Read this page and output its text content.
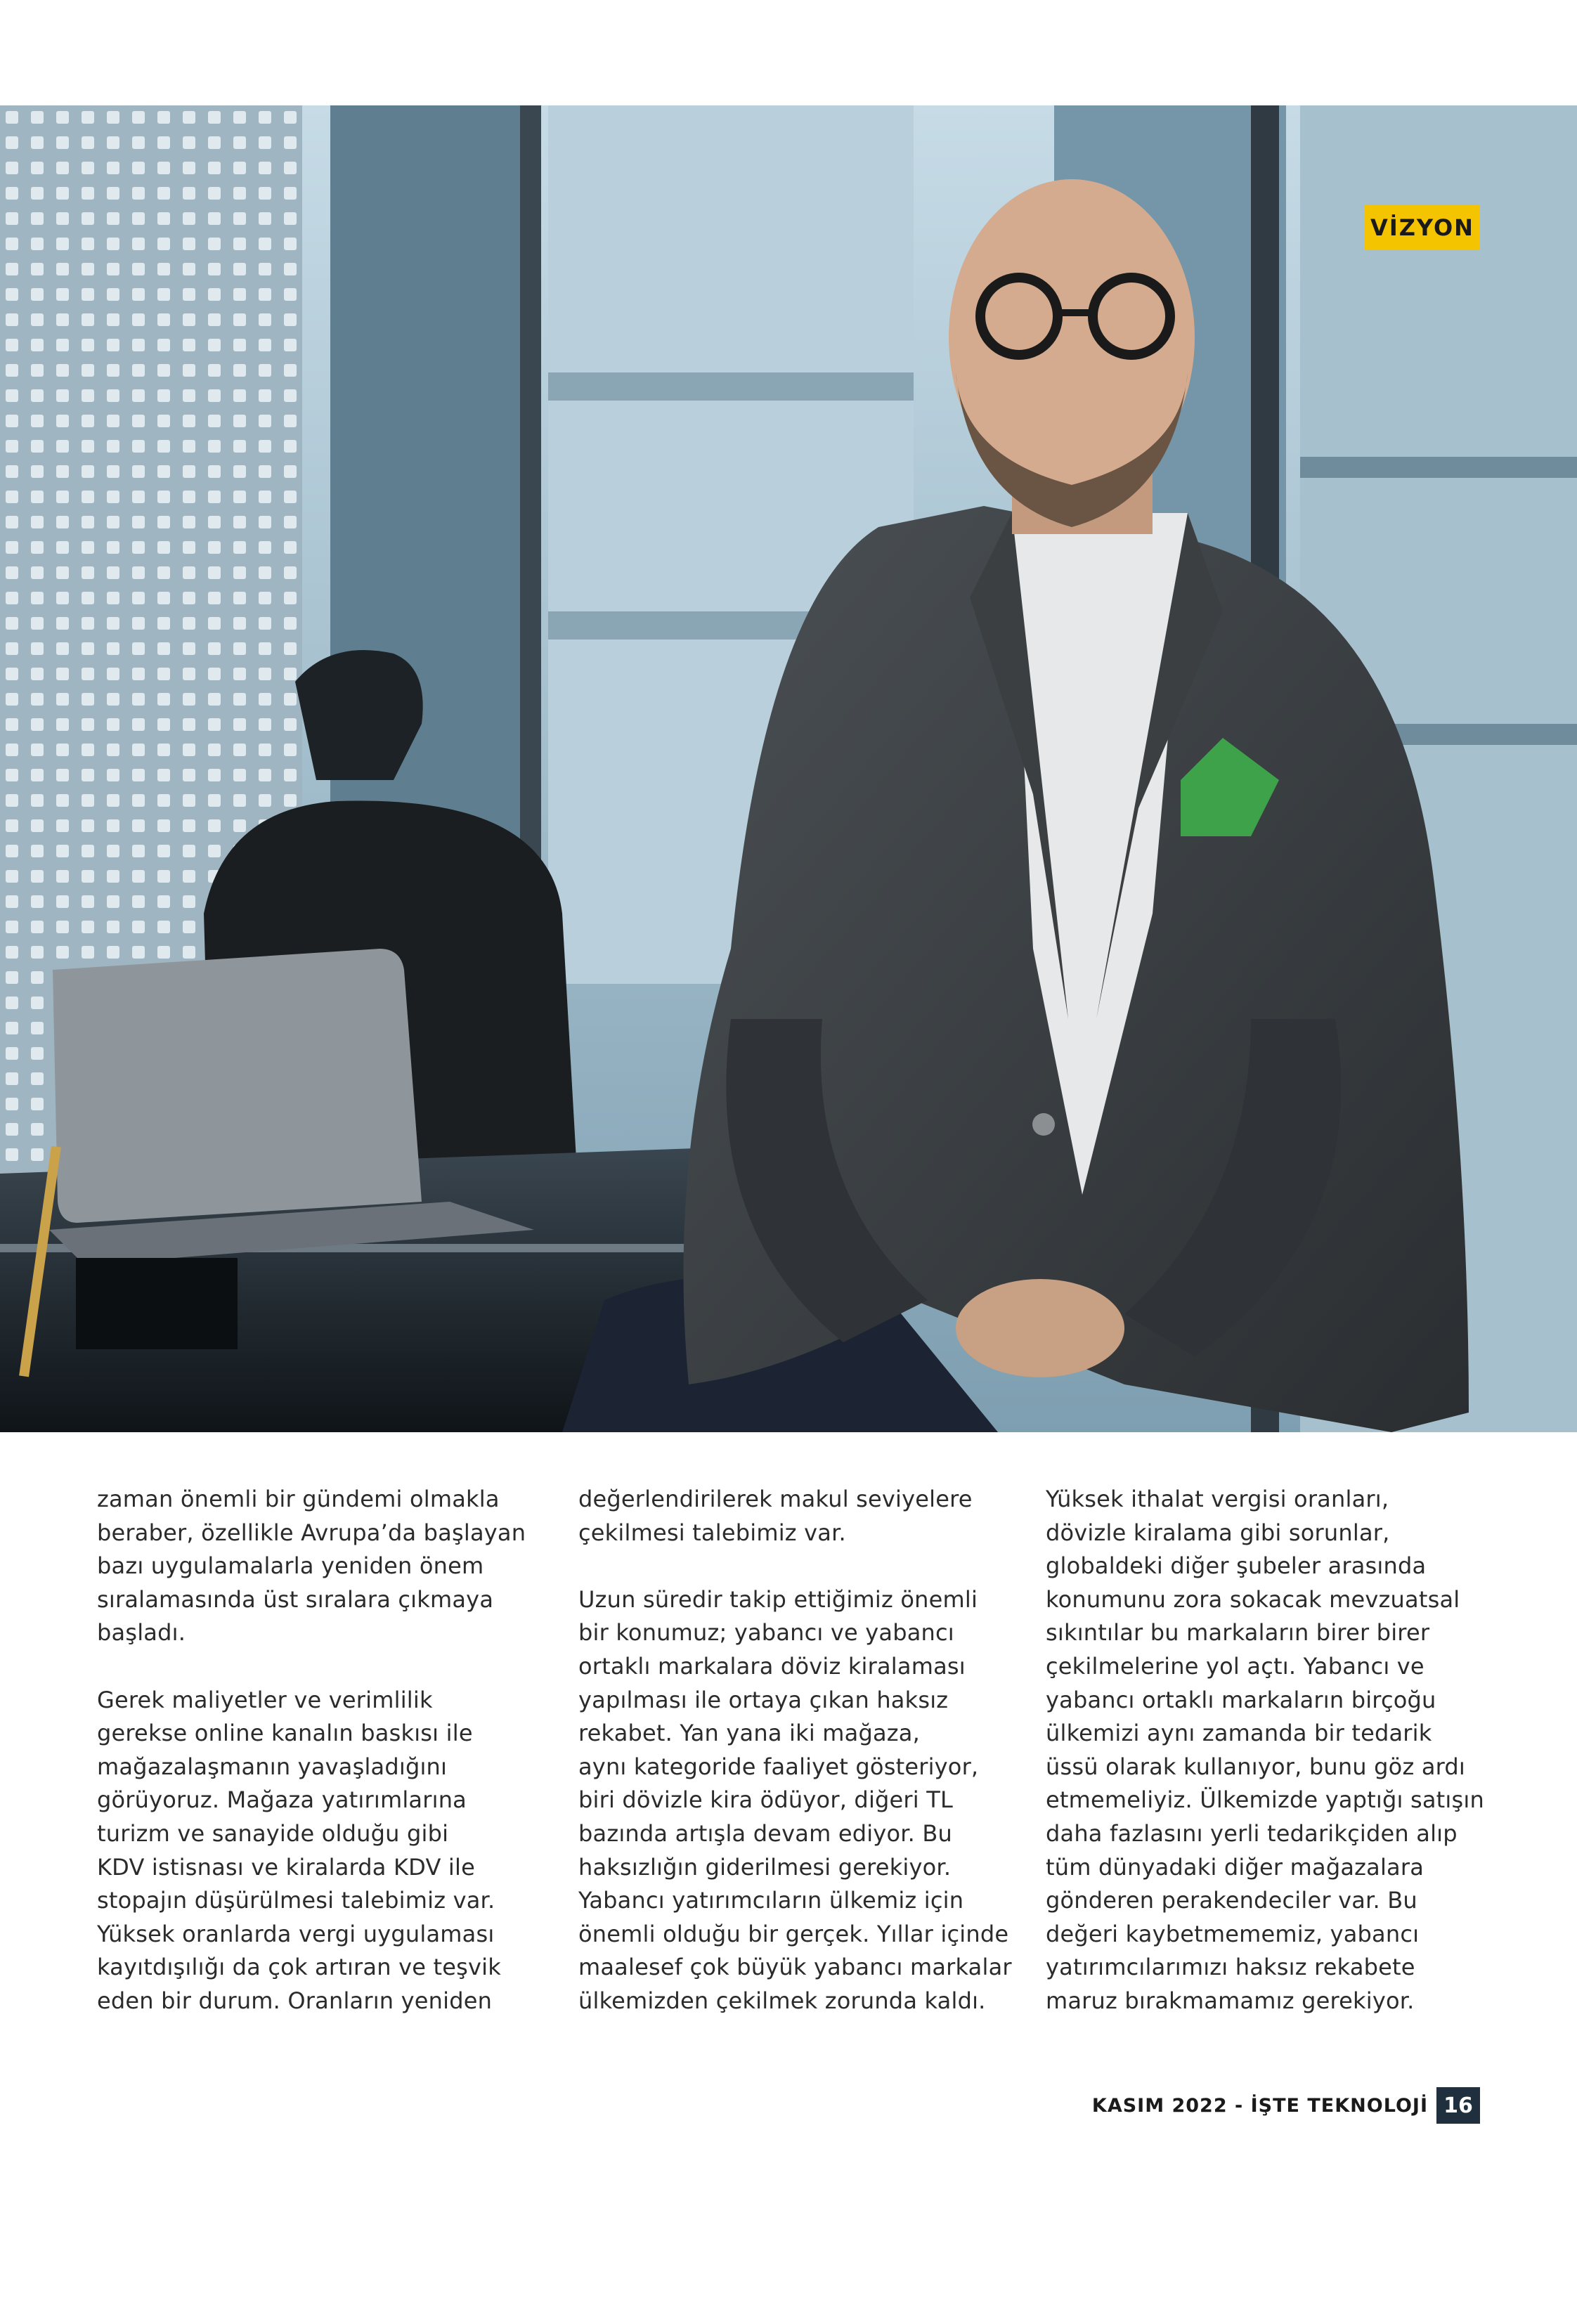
VİZYON

zaman önemli bir gündemi olmakla
beraber, özellikle Avrupa’da başlayan
bazı uygulamalarla yeniden önem
sıralamasında üst sıralara çıkmaya
başladı.

Gerek maliyetler ve verimlilik
gerekse online kanalın baskısı ile
mağazalaşmanın yavaşladığını
görüyoruz. Mağaza yatırımlarına
turizm ve sanayide olduğu gibi
KDV istisnası ve kiralarda KDV ile
stopajın düşürülmesi talebimiz var.
Yüksek oranlarda vergi uygulaması
kayıtdışılığı da çok artıran ve teşvik
eden bir durum. Oranların yeniden

değerlendirilerek makul seviyelere
çekilmesi talebimiz var.

Uzun süredir takip ettiğimiz önemli
bir konumuz; yabancı ve yabancı
ortaklı markalara döviz kiralaması
yapılması ile ortaya çıkan haksız
rekabet. Yan yana iki mağaza,
aynı kategoride faaliyet gösteriyor,
biri dövizle kira ödüyor, diğeri TL
bazında artışla devam ediyor. Bu
haksızlığın giderilmesi gerekiyor.
Yabancı yatırımcıların ülkemiz için
önemli olduğu bir gerçek. Yıllar içinde
maalesef çok büyük yabancı markalar
ülkemizden çekilmek zorunda kaldı.

Yüksek ithalat vergisi oranları,
dövizle kiralama gibi sorunlar,
globaldeki diğer şubeler arasında
konumunu zora sokacak mevzuatsal
sıkıntılar bu markaların birer birer
çekilmelerine yol açtı. Yabancı ve
yabancı ortaklı markaların birçoğu
ülkemizi aynı zamanda bir tedarik
üssü olarak kullanıyor, bunu göz ardı
etmemeliyiz. Ülkemizde yaptığı satışın
daha fazlasını yerli tedarikçiden alıp
tüm dünyadaki diğer mağazalara
gönderen perakendeciler var. Bu
değeri kaybetmememiz, yabancı
yatırımcılarımızı haksız rekabete
maruz bırakmamamız gerekiyor.

KASIM 2022 - İŞTE TEKNOLOJİ 16
